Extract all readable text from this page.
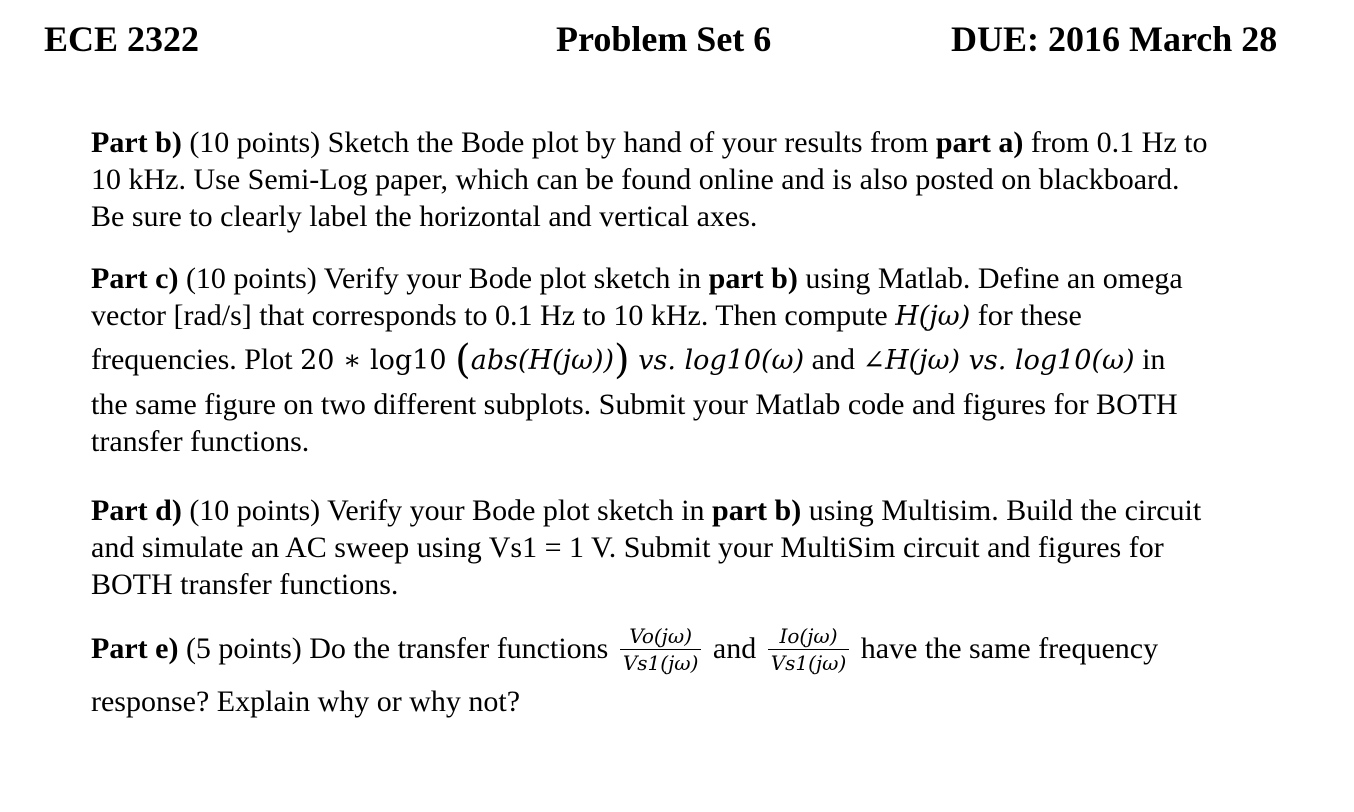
ECE 2322	Problem Set 6	DUE: 2016 March 28
Part b) (10 points) Sketch the Bode plot by hand of your results from part a) from 0.1 Hz to
10 kHz. Use Semi-Log paper, which can be found online and is also posted on blackboard.
Be sure to clearly label the horizontal and vertical axes.
Part c) (10 points) Verify your Bode plot sketch in part b) using Matlab. Define an omega
vector [rad/s] that corresponds to 0.1 Hz to 10 kHz. Then compute H(jω) for these
frequencies. Plot 20 ∗ log10 (abs(H(jω))) vs. log10(ω) and ∠H(jω) vs. log10(ω) in
the same figure on two different subplots. Submit your Matlab code and figures for BOTH
transfer functions.
Part d) (10 points) Verify your Bode plot sketch in part b) using Multisim. Build the circuit
and simulate an AC sweep using Vs1 = 1 V. Submit your MultiSim circuit and figures for
BOTH transfer functions.
Part e) (5 points) Do the transfer functions $\frac{Vo(j\omega)}{Vs1(j\omega)}$ and $\frac{Io(j\omega)}{Vs1(j\omega)}$ have the same frequency
response? Explain why or why not?
